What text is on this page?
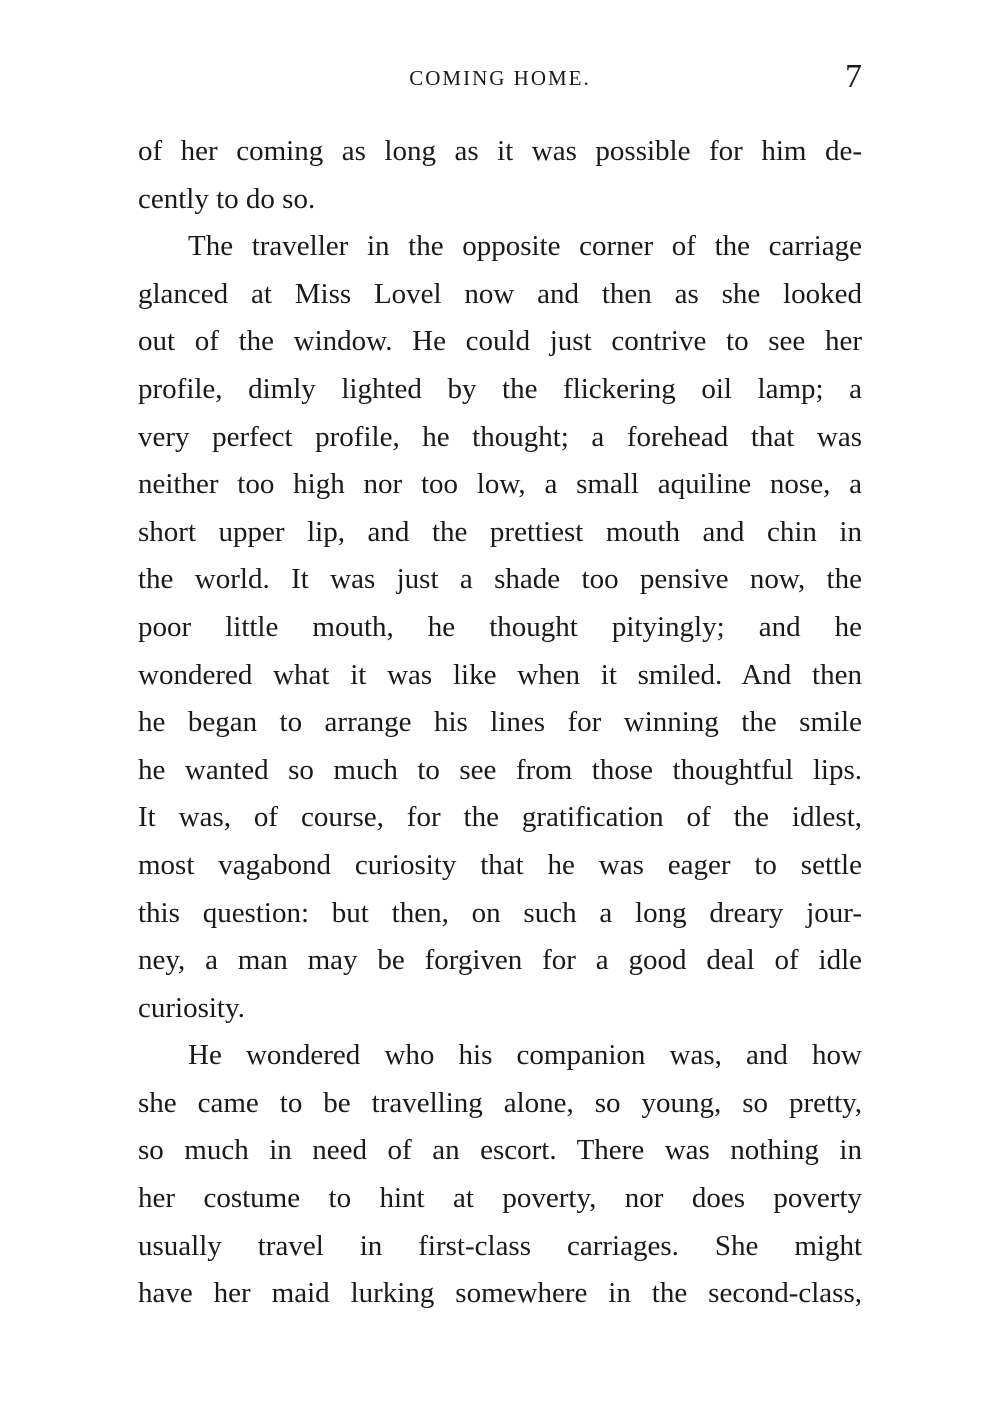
COMING HOME.	7
of her coming as long as it was possible for him de-
cently to do so.
The traveller in the opposite corner of the carriage
glanced at Miss Lovel now and then as she looked
out of the window. He could just contrive to see her
profile, dimly lighted by the flickering oil lamp; a
very perfect profile, he thought; a forehead that was
neither too high nor too low, a small aquiline nose, a
short upper lip, and the prettiest mouth and chin in
the world. It was just a shade too pensive now, the
poor little mouth, he thought pityingly; and he
wondered what it was like when it smiled. And then
he began to arrange his lines for winning the smile
he wanted so much to see from those thoughtful lips.
It was, of course, for the gratification of the idlest,
most vagabond curiosity that he was eager to settle
this question: but then, on such a long dreary jour-
ney, a man may be forgiven for a good deal of idle
curiosity.
He wondered who his companion was, and how
she came to be travelling alone, so young, so pretty,
so much in need of an escort. There was nothing in
her costume to hint at poverty, nor does poverty
usually travel in first-class carriages. She might
have her maid lurking somewhere in the second-class,
